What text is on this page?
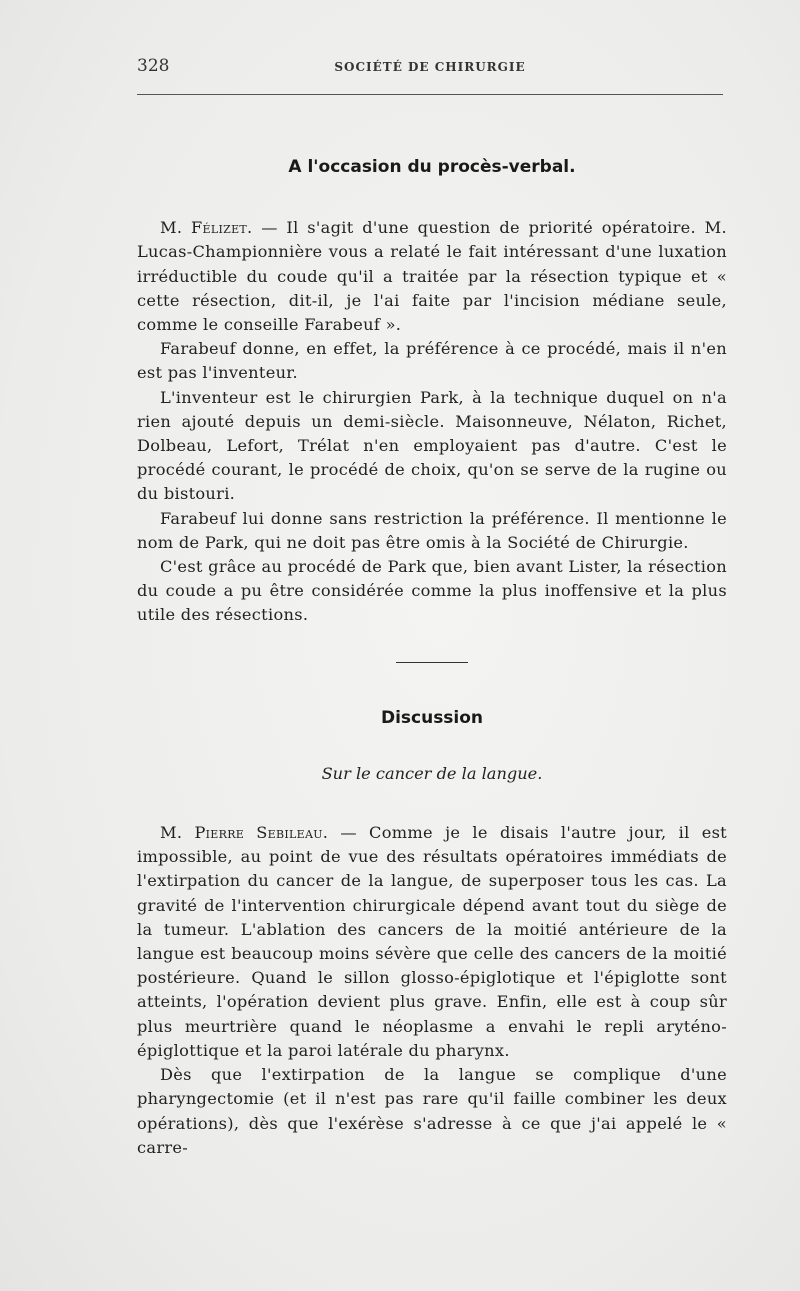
328	SOCIÉTÉ DE CHIRURGIE
A l'occasion du procès-verbal.

M. Félizet. — Il s'agit d'une question de priorité opératoire. M. Lucas-Championnière vous a relaté le fait intéressant d'une luxation irréductible du coude qu'il a traitée par la résection typique et « cette résection, dit-il, je l'ai faite par l'incision médiane seule, comme le conseille Farabeuf ».

Farabeuf donne, en effet, la préférence à ce procédé, mais il n'en est pas l'inventeur.

L'inventeur est le chirurgien Park, à la technique duquel on n'a rien ajouté depuis un demi-siècle. Maisonneuve, Nélaton, Richet, Dolbeau, Lefort, Trélat n'en employaient pas d'autre. C'est le procédé courant, le procédé de choix, qu'on se serve de la rugine ou du bistouri.

Farabeuf lui donne sans restriction la préférence. Il mentionne le nom de Park, qui ne doit pas être omis à la Société de Chirurgie.

C'est grâce au procédé de Park que, bien avant Lister, la résection du coude a pu être considérée comme la plus inoffensive et la plus utile des résections.

Discussion

Sur le cancer de la langue.

M. Pierre Sebileau. — Comme je le disais l'autre jour, il est impossible, au point de vue des résultats opératoires immédiats de l'extirpation du cancer de la langue, de superposer tous les cas. La gravité de l'intervention chirurgicale dépend avant tout du siège de la tumeur. L'ablation des cancers de la moitié antérieure de la langue est beaucoup moins sévère que celle des cancers de la moitié postérieure. Quand le sillon glosso-épiglotique et l'épiglotte sont atteints, l'opération devient plus grave. Enfin, elle est à coup sûr plus meurtrière quand le néoplasme a envahi le repli aryténo-épiglottique et la paroi latérale du pharynx.

Dès que l'extirpation de la langue se complique d'une pharyngectomie (et il n'est pas rare qu'il faille combiner les deux opérations), dès que l'exérèse s'adresse à ce que j'ai appelé le « carre-
